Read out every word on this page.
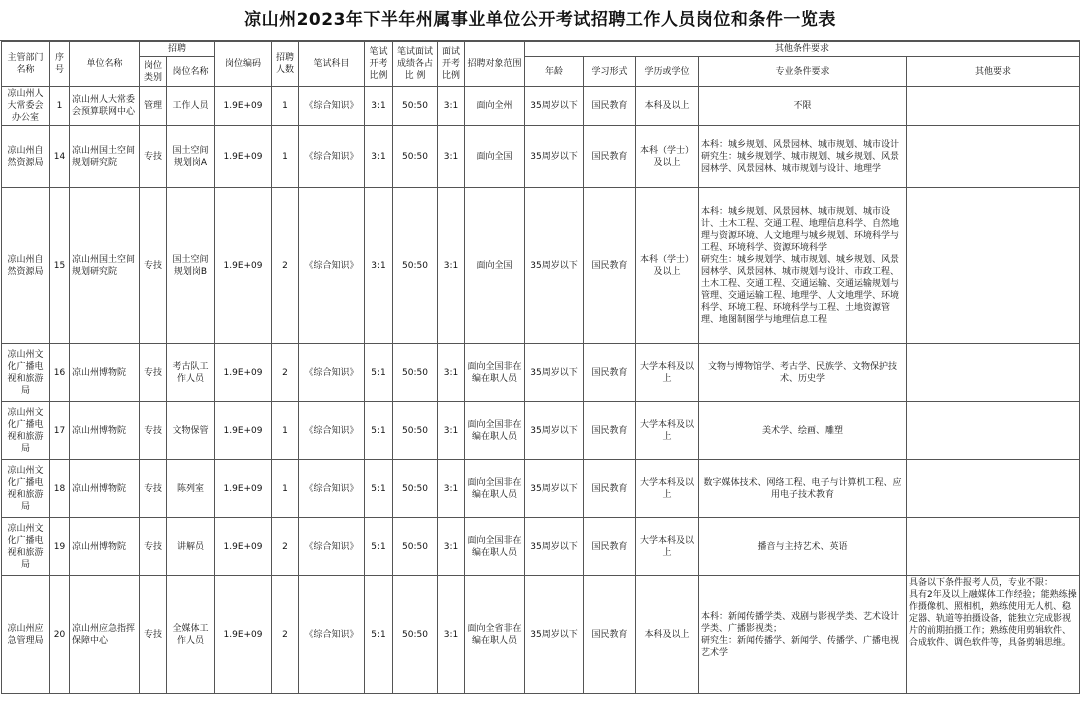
凉山州2023年下半年州属事业单位公开考试招聘工作人员岗位和条件一览表
主管部门名称	序号	单位名称	招聘		岗位编码	招聘人数	笔试科目	笔试开考比例	笔试面试成绩各占比 例	面试开考比例	招聘对象范围	其他条件要求				
			岗位类别	岗位名称								年龄	学习形式	学历或学位	专业条件要求	其他要求
凉山州人大常委会办公室	1	凉山州人大常委会预算联网中心	管理	工作人员	1.9E+09	1	《综合知识》	3:1	50:50	3:1	面向全州	35周岁以下	国民教育	本科及以上	不限	
凉山州自然资源局	14	凉山州国土空间规划研究院	专技	国土空间规划岗A	1.9E+09	1	《综合知识》	3:1	50:50	3:1	面向全国	35周岁以下	国民教育	本科（学士）及以上	本科：城乡规划、风景园林、城市规划、城市设计
研究生：城乡规划学、城市规划、城乡规划、风景园林学、风景园林、城市规划与设计、地理学	
凉山州自然资源局	15	凉山州国土空间规划研究院	专技	国土空间规划岗B	1.9E+09	2	《综合知识》	3:1	50:50	3:1	面向全国	35周岁以下	国民教育	本科（学士）及以上	本科：城乡规划、风景园林、城市规划、城市设计、土木工程、交通工程、地理信息科学、自然地理与资源环境、人文地理与城乡规划、环境科学与工程、环境科学、资源环境科学
研究生：城乡规划学、城市规划、城乡规划、风景园林学、风景园林、城市规划与设计、市政工程、土木工程、交通工程、交通运输、交通运输规划与管理、交通运输工程、地理学、人文地理学、环境科学、环境工程、环境科学与工程、土地资源管理、地图制图学与地理信息工程	
凉山州文化广播电视和旅游局	16	凉山州博物院	专技	考古队工作人员	1.9E+09	2	《综合知识》	5:1	50:50	3:1	面向全国非在编在职人员	35周岁以下	国民教育	大学本科及以上	文物与博物馆学、考古学、民族学、文物保护技术、历史学	
凉山州文化广播电视和旅游局	17	凉山州博物院	专技	文物保管	1.9E+09	1	《综合知识》	5:1	50:50	3:1	面向全国非在编在职人员	35周岁以下	国民教育	大学本科及以上	美术学、绘画、雕塑	
凉山州文化广播电视和旅游局	18	凉山州博物院	专技	陈列室	1.9E+09	1	《综合知识》	5:1	50:50	3:1	面向全国非在编在职人员	35周岁以下	国民教育	大学本科及以上	数字媒体技术、网络工程、电子与计算机工程、应用电子技术教育	
凉山州文化广播电视和旅游局	19	凉山州博物院	专技	讲解员	1.9E+09	2	《综合知识》	5:1	50:50	3:1	面向全国非在编在职人员	35周岁以下	国民教育	大学本科及以上	播音与主持艺术、英语	
凉山州应急管理局	20	凉山州应急指挥保障中心	专技	全媒体工作人员	1.9E+09	2	《综合知识》	5:1	50:50	3:1	面向全省非在编在职人员	35周岁以下	国民教育	本科及以上	本科：新闻传播学类、戏剧与影视学类、艺术设计学类、广播影视类；
研究生：新闻传播学、新闻学、传播学、广播电视艺术学	具备以下条件报考人员，专业不限：
具有2年及以上融媒体工作经验；能熟练操作摄像机、照相机，熟练使用无人机、稳定器、轨道等拍摄设备，能独立完成影视片的前期拍摄工作；熟练使用剪辑软件、合成软件、调色软件等，具备剪辑思维。
